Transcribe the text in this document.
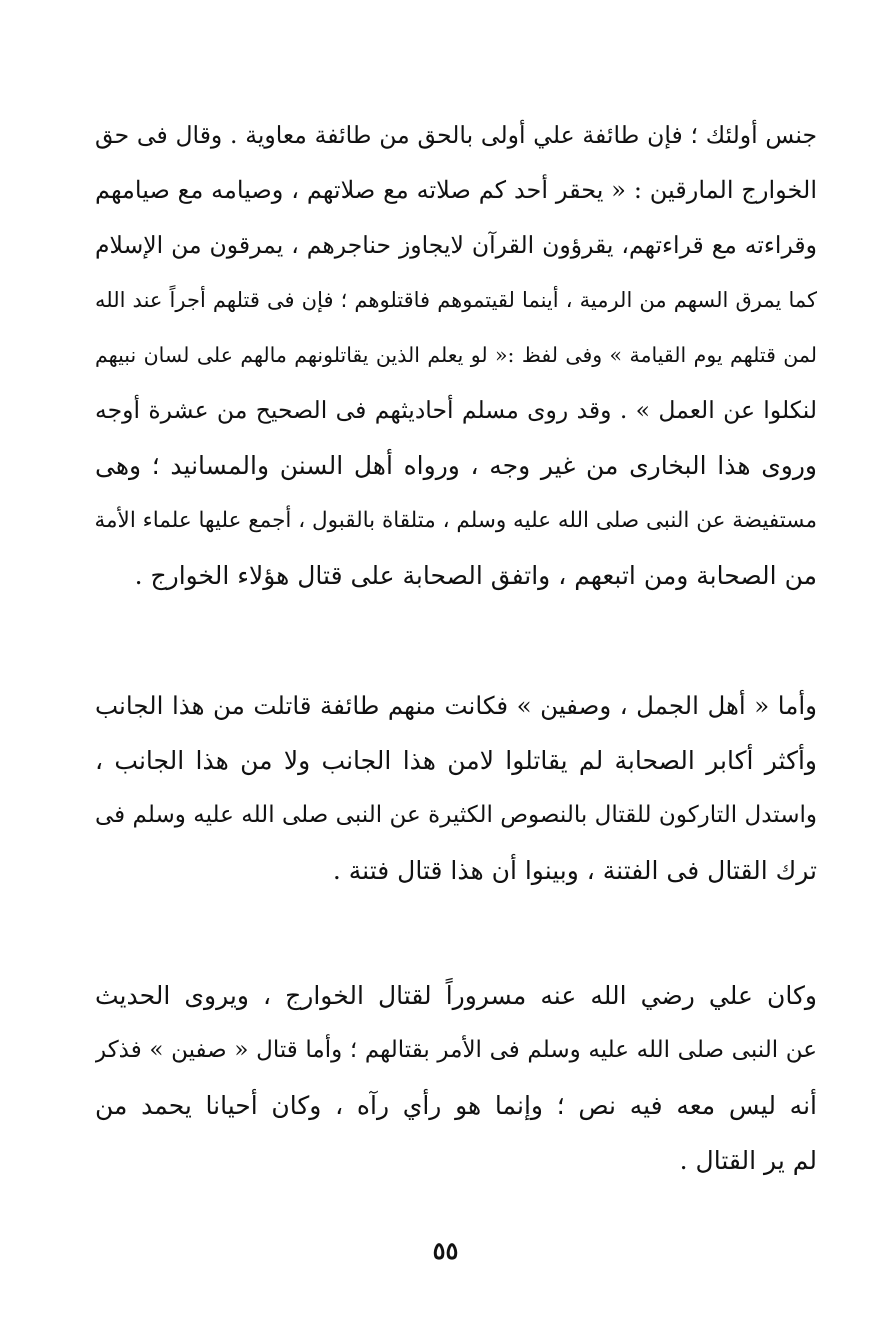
جنس أولئك ؛ فإن طائفة علي أولى بالحق من طائفة معاوية . وقال فى حق
الخوارج المارقين : « يحقر أحد كم صلاته مع صلاتهم ، وصيامه مع صيامهم
وقراءته مع قراءتهم، يقرؤون القرآن لايجاوز حناجرهم ، يمرقون من الإسلام
كما يمرق السهم من الرمية ، أينما لقيتموهم فاقتلوهم ؛ فإن فى قتلهم أجراً عند الله
لمن قتلهم يوم القيامة » وفى لفظ :« لو يعلم الذين يقاتلونهم مالهم على لسان نبيهم
لنكلوا عن العمل » . وقد روى مسلم أحاديثهم فى الصحيح من عشرة أوجه
وروى هذا البخارى من غير وجه ، ورواه أهل السنن والمسانيد ؛ وهى
مستفيضة عن النبى صلى الله عليه وسلم ، متلقاة بالقبول ، أجمع عليها علماء الأمة
من الصحابة ومن اتبعهم ، واتفق الصحابة على قتال هؤلاء الخوارج .
وأما « أهل الجمل ، وصفين » فكانت منهم طائفة قاتلت من هذا الجانب
وأكثر أكابر الصحابة لم يقاتلوا لامن هذا الجانب ولا من هذا الجانب ،
واستدل التاركون للقتال بالنصوص الكثيرة عن النبى صلى الله عليه وسلم فى
ترك القتال فى الفتنة ، وبينوا أن هذا قتال فتنة .
وكان علي رضي الله عنه مسروراً لقتال الخوارج ، ويروى الحديث
عن النبى صلى الله عليه وسلم فى الأمر بقتالهم ؛ وأما قتال « صفين » فذكر
أنه ليس معه فيه نص ؛ وإنما هو رأي رآه ، وكان أحيانا يحمد من
لم ير القتال .
٥٥
